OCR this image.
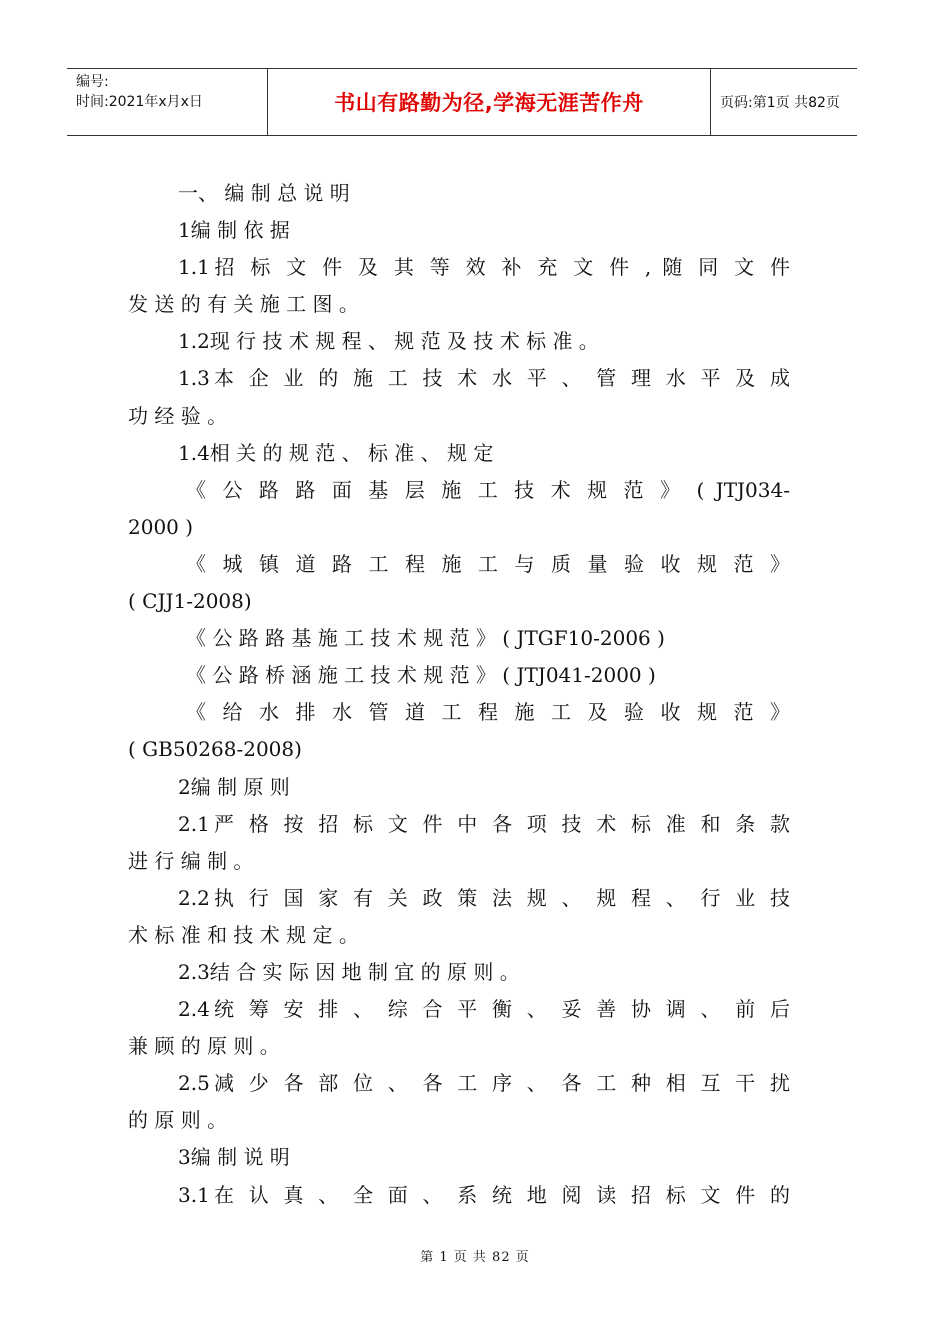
编号:
时间:2021年x月x日	书山有路勤为径,学海无涯苦作舟	页码:第1页 共82页
一、 编 制 总 说 明
1编 制 依 据
1.1招 标 文 件 及 其 等 效 补 充 文 件 , 随 同 文 件
发 送 的 有 关 施 工 图 。
1.2现 行 技 术 规 程 、 规 范 及 技 术 标 准 。
1.3本 企 业 的 施 工 技 术 水 平 、 管 理 水 平 及 成
功 经 验 。
1.4相 关 的 规 范 、 标 准 、 规 定
《 公 路 路 面 基 层 施 工 技 术 规 范 》 ( JTJ034-
2000 )
《 城 镇 道 路 工 程 施 工 与 质 量 验 收 规 范 》
( CJJ1-2008)
《 公 路 路 基 施 工 技 术 规 范 》 ( JTGF10-2006 )
《 公 路 桥 涵 施 工 技 术 规 范 》 ( JTJ041-2000 )
《 给 水 排 水 管 道 工 程 施 工 及 验 收 规 范 》
( GB50268-2008)
2编 制 原 则
2.1严 格 按 招 标 文 件 中 各 项 技 术 标 准 和 条 款
进 行 编 制 。
2.2执 行 国 家 有 关 政 策 法 规 、 规 程 、 行 业 技
术 标 准 和 技 术 规 定 。
2.3结 合 实 际 因 地 制 宜 的 原 则 。
2.4统 筹 安 排 、 综 合 平 衡 、 妥 善 协 调 、 前 后
兼 顾 的 原 则 。
2.5减 少 各 部 位 、 各 工 序 、 各 工 种 相 互 干 扰
的 原 则 。
3编 制 说 明
3.1在 认 真 、 全 面 、 系 统 地 阅 读 招 标 文 件 的
第 1 页 共 82 页
